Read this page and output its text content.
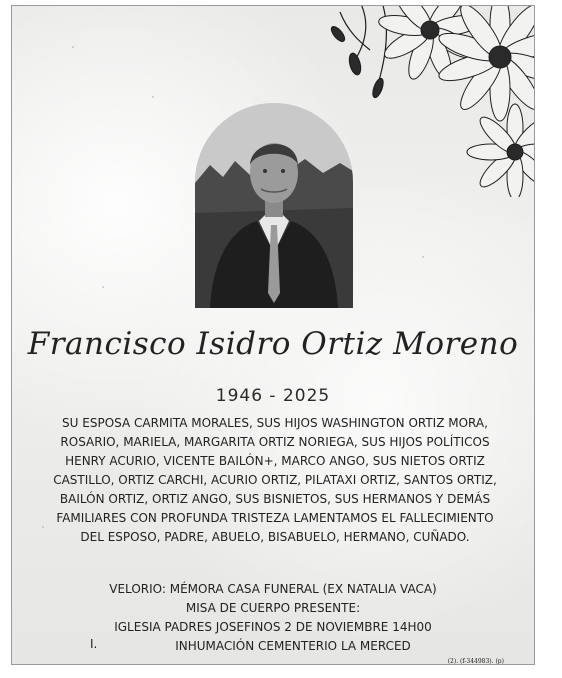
Francisco Isidro Ortiz Moreno
1946 - 2025
SU ESPOSA CARMITA MORALES, SUS HIJOS WASHINGTON ORTIZ MORA, ROSARIO, MARIELA, MARGARITA ORTIZ NORIEGA, SUS HIJOS POLÍTICOS HENRY ACURIO, VICENTE BAILÓN+, MARCO ANGO, SUS NIETOS ORTIZ CASTILLO, ORTIZ CARCHI, ACURIO ORTIZ, PILATAXI ORTIZ, SANTOS ORTIZ, BAILÓN ORTIZ, ORTIZ ANGO, SUS BISNIETOS, SUS HERMANOS Y DEMÁS FAMILIARES CON PROFUNDA TRISTEZA LAMENTAMOS EL FALLECIMIENTO DEL ESPOSO, PADRE, ABUELO, BISABUELO, HERMANO, CUÑADO.
VELORIO: MÉMORA CASA FUNERAL (EX NATALIA VACA)
MISA DE CUERPO PRESENTE:
IGLESIA PADRES JOSEFINOS 2 DE NOVIEMBRE 14H00
INHUMACIÓN CEMENTERIO LA MERCED
I.
(2). (f-344983). (p)
